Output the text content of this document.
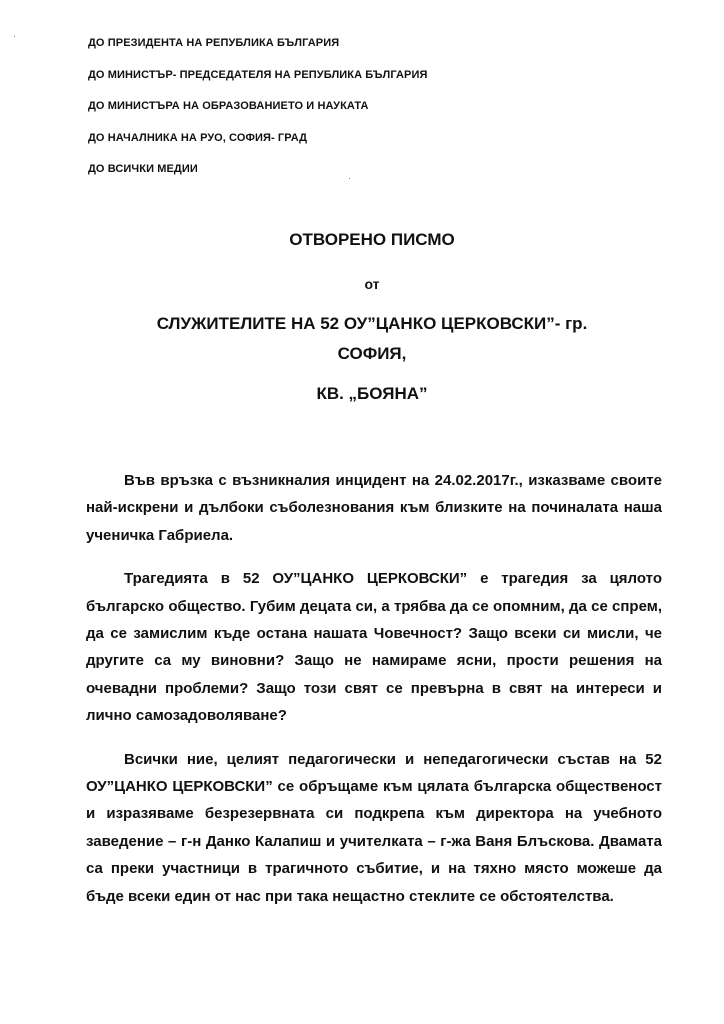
ДО ПРЕЗИДЕНТА НА РЕПУБЛИКА БЪЛГАРИЯ
ДО МИНИСТЪР- ПРЕДСЕДАТЕЛЯ НА РЕПУБЛИКА БЪЛГАРИЯ
ДО МИНИСТЪРА НА ОБРАЗОВАНИЕТО И НАУКАТА
ДО НАЧАЛНИКА НА РУО, СОФИЯ- ГРАД
ДО ВСИЧКИ МЕДИИ
ОТВОРЕНО ПИСМО
от
СЛУЖИТЕЛИТЕ НА 52 ОУ”ЦАНКО ЦЕРКОВСКИ”- гр.
СОФИЯ,
КВ. „БОЯНА”

Във връзка с възникналия инцидент на 24.02.2017г., изказваме своите най-искрени и дълбоки съболезнования към близките на починалата наша ученичка Габриела.

Трагедията в 52 ОУ”ЦАНКО ЦЕРКОВСКИ” е трагедия за цялото българско общество. Губим децата си, а трябва да се опомним, да се спрем, да се замислим къде остана нашата Човечност? Защо всеки си мисли, че другите са му виновни? Защо не намираме ясни, прости решения на очевадни проблеми? Защо този свят се превърна в свят на интереси и лично самозадоволяване?

Всички ние, целият педагогически и непедагогически състав на 52 ОУ”ЦАНКО ЦЕРКОВСКИ” се обръщаме към цялата българска общественост и изразяваме безрезервната си подкрепа към директора на учебното заведение – г-н Данко Калапиш и учителката – г-жа Ваня Блъскова. Двамата са преки участници в трагичното събитие, и на тяхно място можеше да бъде всеки един от нас при така нещастно стеклите се обстоятелства.
